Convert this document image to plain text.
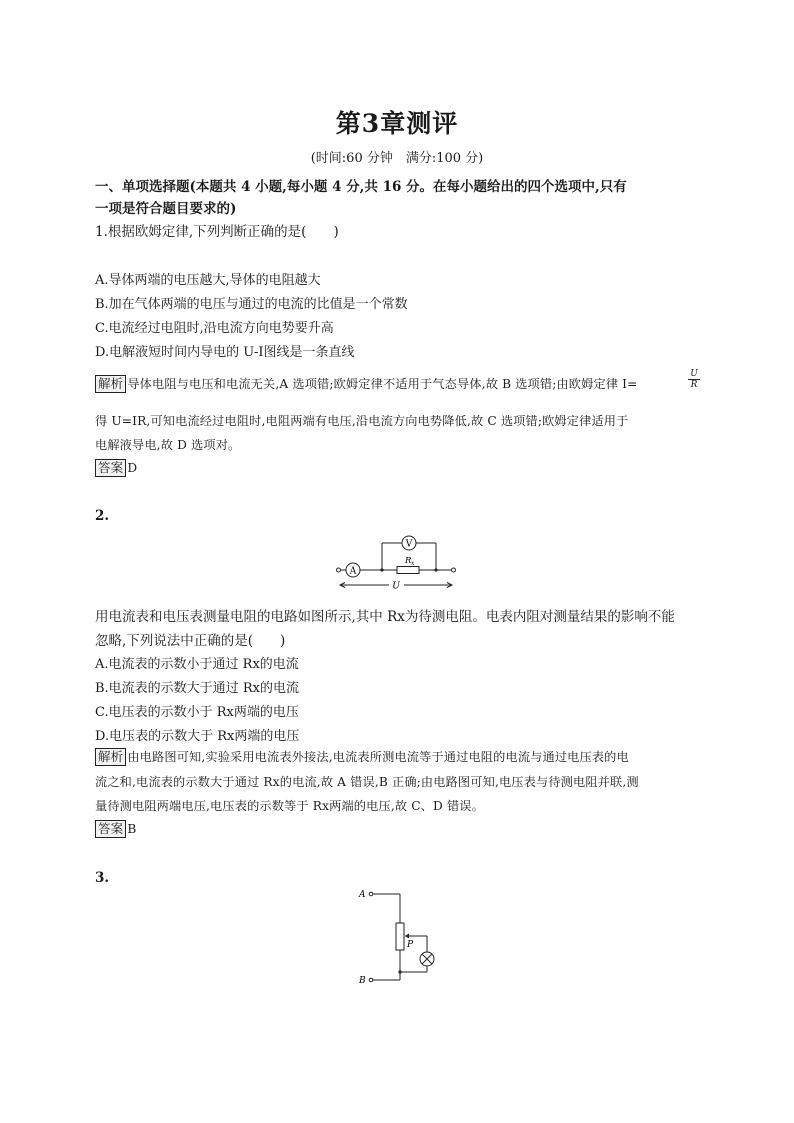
第3章测评
(时间:60 分钟　满分:100 分)
一、单项选择题(本题共 4 小题,每小题 4 分,共 16 分。在每小题给出的四个选项中,只有
一项是符合题目要求的)
1.根据欧姆定律,下列判断正确的是(　　)
A.导体两端的电压越大,导体的电阻越大
B.加在气体两端的电压与通过的电流的比值是一个常数
C.电流经过电阻时,沿电流方向电势要升高
D.电解液短时间内导电的 U-I图线是一条直线
解析 导体电阻与电压和电流无关,A 选项错;欧姆定律不适用于气态导体,故 B 选项错;由欧姆定律 I=	$\frac{U}{R}$
得 U=IR,可知电流经过电阻时,电阻两端有电压,沿电流方向电势降低,故 C 选项错;欧姆定律适用于
电解液导电,故 D 选项对。
答案 D
2.
A
V
R x
U
用电流表和电压表测量电阻的电路如图所示,其中 Rx为待测电阻。电表内阻对测量结果的影响不能
忽略,下列说法中正确的是(　　)
A.电流表的示数小于通过 Rx的电流
B.电流表的示数大于通过 Rx的电流
C.电压表的示数小于 Rx两端的电压
D.电压表的示数大于 Rx两端的电压
解析 由电路图可知,实验采用电流表外接法,电流表所测电流等于通过电阻的电流与通过电压表的电
流之和,电流表的示数大于通过 Rx的电流,故 A 错误,B 正确;由电路图可知,电压表与待测电阻并联,测
量待测电阻两端电压,电压表的示数等于 Rx两端的电压,故 C、D 错误。
答案 B
3.
A
B
P
